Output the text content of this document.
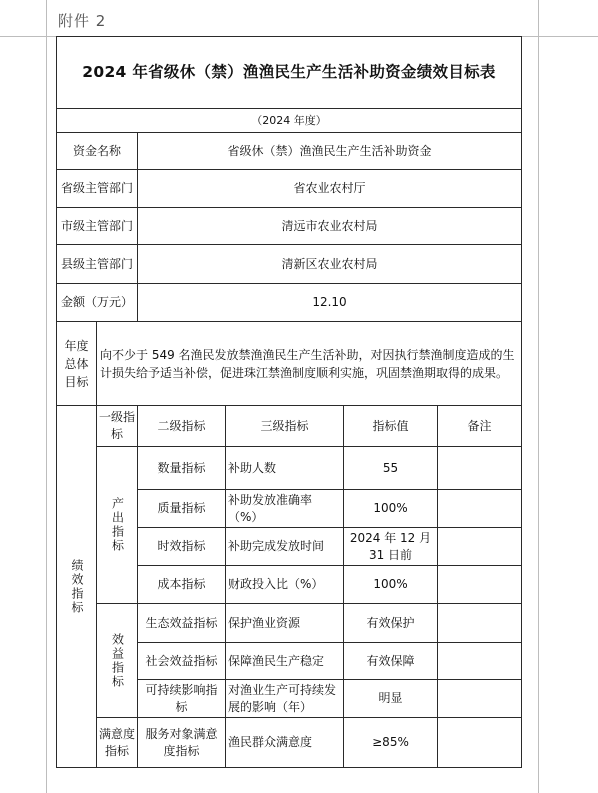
附件 2
2024 年省级休（禁）渔渔民生产生活补助资金绩效目标表					
（2024 年度）					
资金名称		省级休（禁）渔渔民生产生活补助资金			
省级主管部门		省农业农村厅			
市级主管部门		清远市农业农村局			
县级主管部门		清新区农业农村局			
金额（万元）		12.10			
年度总体目标	向不少于 549 名渔民发放禁渔渔民生产生活补助，对因执行禁渔制度造成的生计损失给予适当补偿，促进珠江禁渔制度顺利实施，巩固禁渔期取得的成果。				

绩效指标	一级指标	二级指标	三级指标	指标值	备注

	产出指标	数量指标	补助人数	55	
		质量指标	补助发放准确率（%）	100%	
		时效指标	补助完成发放时间	2024 年 12 月 31 日前	
		成本指标	财政投入比（%）	100%	

	效益指标	生态效益指标	保护渔业资源	有效保护	
		社会效益指标	保障渔民生产稳定	有效保障	
		可持续影响指标	对渔业生产可持续发展的影响（年）	明显	
	满意度指标	服务对象满意度指标	渔民群众满意度	≥85%	
